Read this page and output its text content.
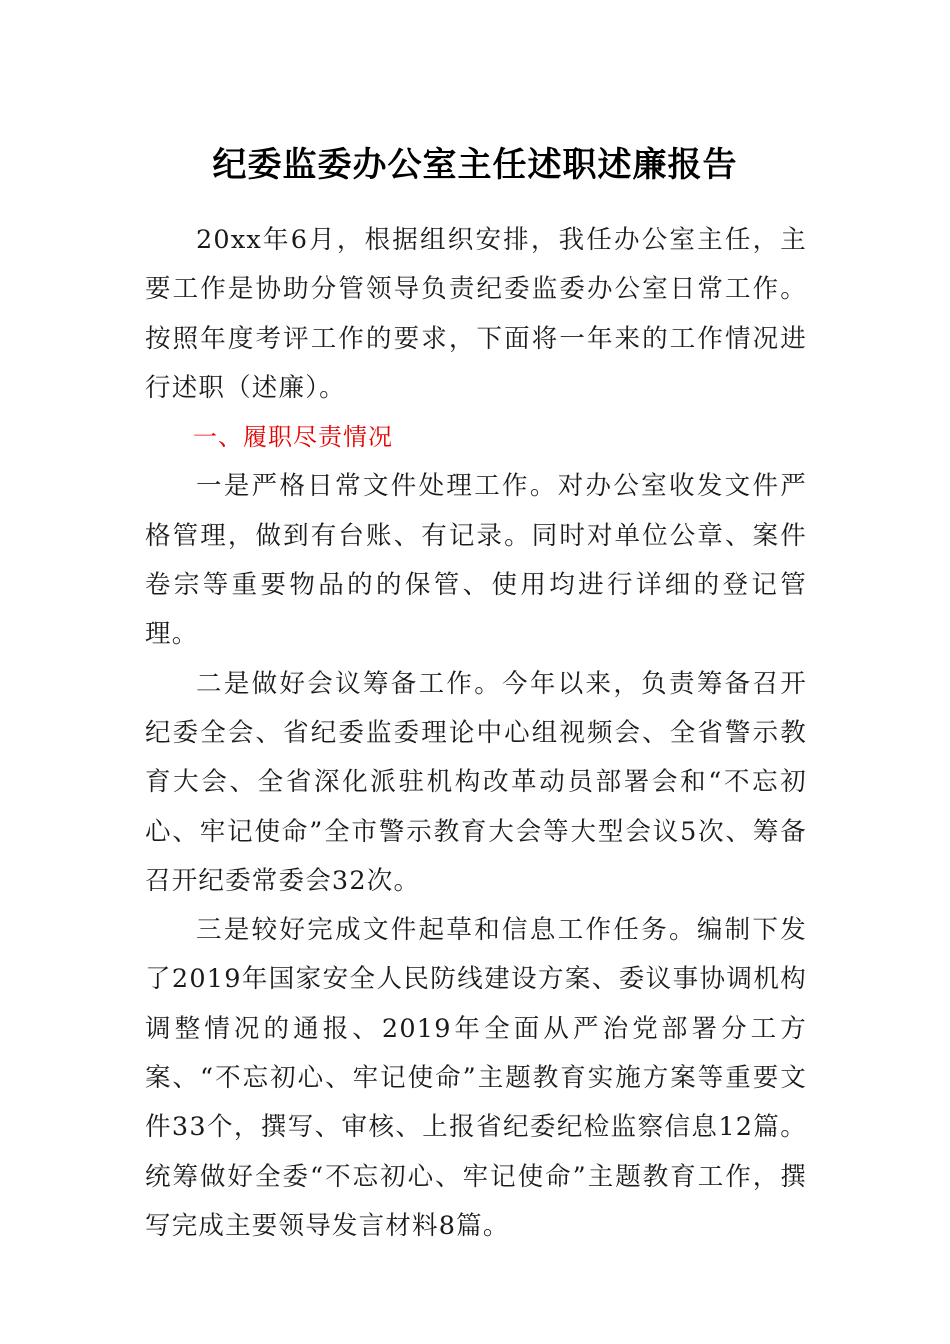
纪委监委办公室主任述职述廉报告

20xx年6月，根据组织安排，我任办公室主任，主要工作是协助分管领导负责纪委监委办公室日常工作。按照年度考评工作的要求，下面将一年来的工作情况进行述职（述廉）。

一、履职尽责情况

一是严格日常文件处理工作。对办公室收发文件严格管理，做到有台账、有记录。同时对单位公章、案件卷宗等重要物品的的保管、使用均进行详细的登记管理。

二是做好会议筹备工作。今年以来，负责筹备召开纪委全会、省纪委监委理论中心组视频会、全省警示教育大会、全省深化派驻机构改革动员部署会和“不忘初心、牢记使命”全市警示教育大会等大型会议5次、筹备召开纪委常委会32次。

三是较好完成文件起草和信息工作任务。编制下发了2019年国家安全人民防线建设方案、委议事协调机构调整情况的通报、2019年全面从严治党部署分工方案、“不忘初心、牢记使命”主题教育实施方案等重要文件33个，撰写、审核、上报省纪委纪检监察信息12篇。统筹做好全委“不忘初心、牢记使命”主题教育工作，撰写完成主要领导发言材料8篇。
